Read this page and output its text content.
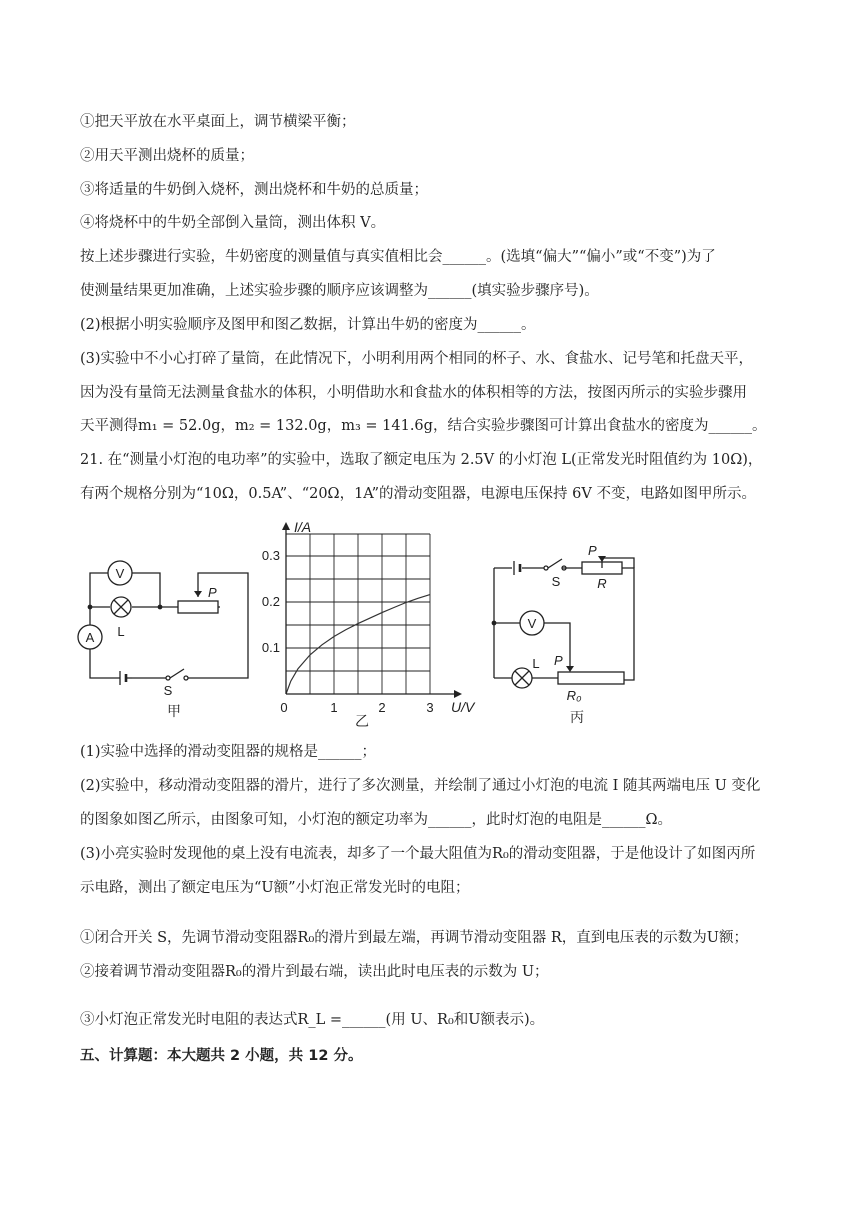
①把天平放在水平桌面上，调节横梁平衡；
②用天平测出烧杯的质量；
③将适量的牛奶倒入烧杯，测出烧杯和牛奶的总质量；
④将烧杯中的牛奶全部倒入量筒，测出体积 V。
按上述步骤进行实验，牛奶密度的测量值与真实值相比会______。(选填“偏大”“偏小”或“不变”)为了
使测量结果更加准确，上述实验步骤的顺序应该调整为______(填实验步骤序号)。
(2)根据小明实验顺序及图甲和图乙数据，计算出牛奶的密度为______。
(3)实验中不小心打碎了量筒，在此情况下，小明利用两个相同的杯子、水、食盐水、记号笔和托盘天平，
因为没有量筒无法测量食盐水的体积，小明借助水和食盐水的体积相等的方法，按图丙所示的实验步骤用
天平测得m₁ = 52.0g，m₂ = 132.0g，m₃ = 141.6g，结合实验步骤图可计算出食盐水的密度为______。
21. 在“测量小灯泡的电功率”的实验中，选取了额定电压为 2.5V 的小灯泡 L(正常发光时阻值约为 10Ω)，
有两个规格分别为“10Ω，0.5A”、“20Ω，1A”的滑动变阻器，电源电压保持 6V 不变，电路如图甲所示。
V
L
P
A
S
甲
I/A
U/V
0	1	2	3
0.1
0.2
0.3
乙
S
P
R
V
L P
R₀
丙
(1)实验中选择的滑动变阻器的规格是______；
(2)实验中，移动滑动变阻器的滑片，进行了多次测量，并绘制了通过小灯泡的电流 I 随其两端电压 U 变化
的图象如图乙所示，由图象可知，小灯泡的额定功率为______，此时灯泡的电阻是______Ω。
(3)小亮实验时发现他的桌上没有电流表，却多了一个最大阻值为R₀的滑动变阻器，于是他设计了如图丙所
示电路，测出了额定电压为“U额”小灯泡正常发光时的电阻；
①闭合开关 S，先调节滑动变阻器R₀的滑片到最左端，再调节滑动变阻器 R，直到电压表的示数为U额；
②接着调节滑动变阻器R₀的滑片到最右端，读出此时电压表的示数为 U；
③小灯泡正常发光时电阻的表达式R_L =______(用 U、R₀和U额表示)。
五、计算题：本大题共 2 小题，共 12 分。
